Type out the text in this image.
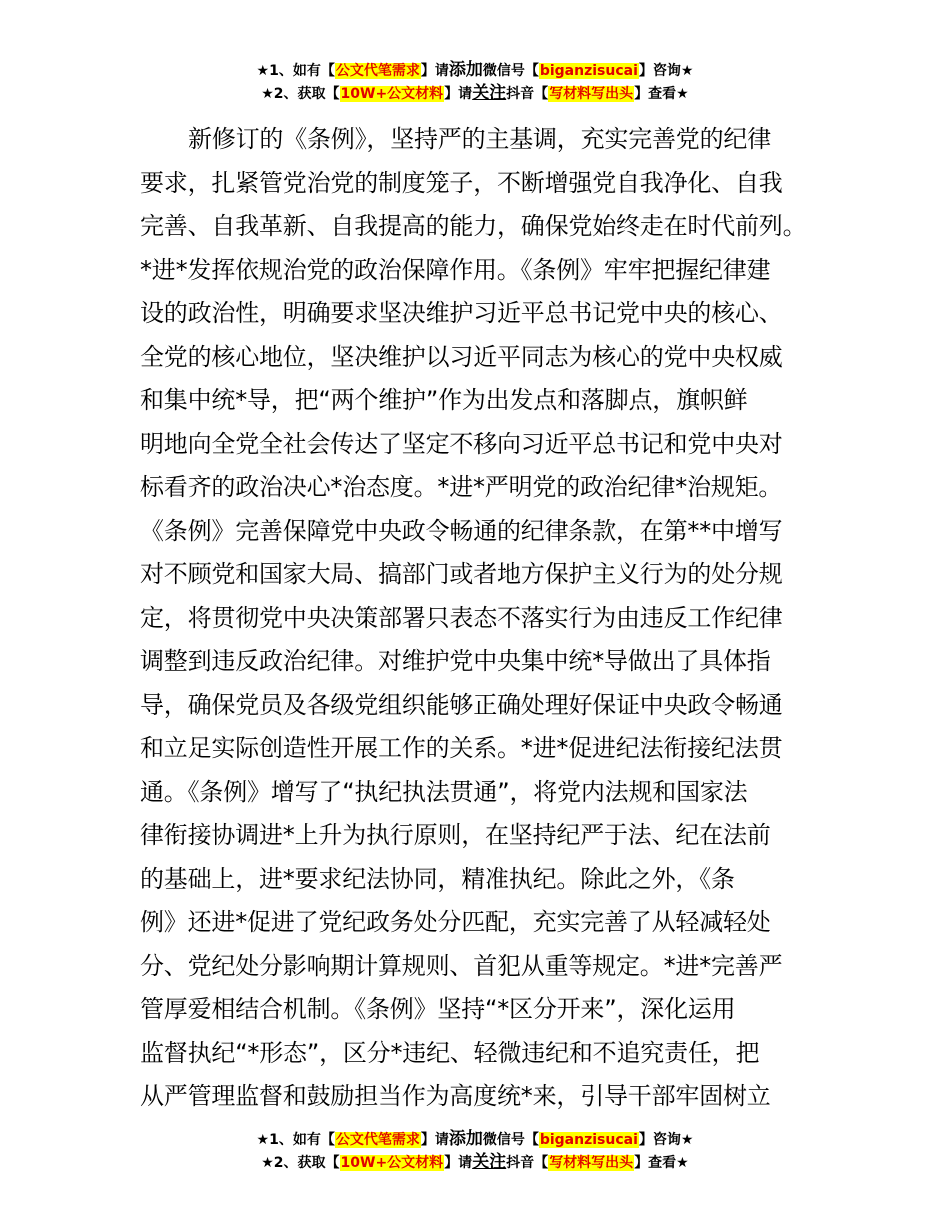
★1、如有【公文代笔需求】请添加微信号【biganzisucai】咨询★
★2、获取【10W+公文材料】请关注抖音【写材料写出头】查看★
新修订的《条例》，坚持严的主基调，充实完善党的纪律
要求，扎紧管党治党的制度笼子，不断增强党自我净化、自我
完善、自我革新、自我提高的能力，确保党始终走在时代前列。
*进*发挥依规治党的政治保障作用。《条例》牢牢把握纪律建
设的政治性，明确要求坚决维护习近平总书记党中央的核心、
全党的核心地位，坚决维护以习近平同志为核心的党中央权威
和集中统*导，把“两个维护”作为出发点和落脚点，旗帜鲜
明地向全党全社会传达了坚定不移向习近平总书记和党中央对
标看齐的政治决心*治态度。*进*严明党的政治纪律*治规矩。
《条例》完善保障党中央政令畅通的纪律条款，在第**中增写
对不顾党和国家大局、搞部门或者地方保护主义行为的处分规
定，将贯彻党中央决策部署只表态不落实行为由违反工作纪律
调整到违反政治纪律。对维护党中央集中统*导做出了具体指
导，确保党员及各级党组织能够正确处理好保证中央政令畅通
和立足实际创造性开展工作的关系。*进*促进纪法衔接纪法贯
通。《条例》增写了“执纪执法贯通”，将党内法规和国家法
律衔接协调进*上升为执行原则，在坚持纪严于法、纪在法前
的基础上，进*要求纪法协同，精准执纪。除此之外，《条
例》还进*促进了党纪政务处分匹配，充实完善了从轻减轻处
分、党纪处分影响期计算规则、首犯从重等规定。*进*完善严
管厚爱相结合机制。《条例》坚持“*区分开来”，深化运用
监督执纪“*形态”，区分*违纪、轻微违纪和不追究责任，把
从严管理监督和鼓励担当作为高度统*来，引导干部牢固树立
★1、如有【公文代笔需求】请添加微信号【biganzisucai】咨询★
★2、获取【10W+公文材料】请关注抖音【写材料写出头】查看★
